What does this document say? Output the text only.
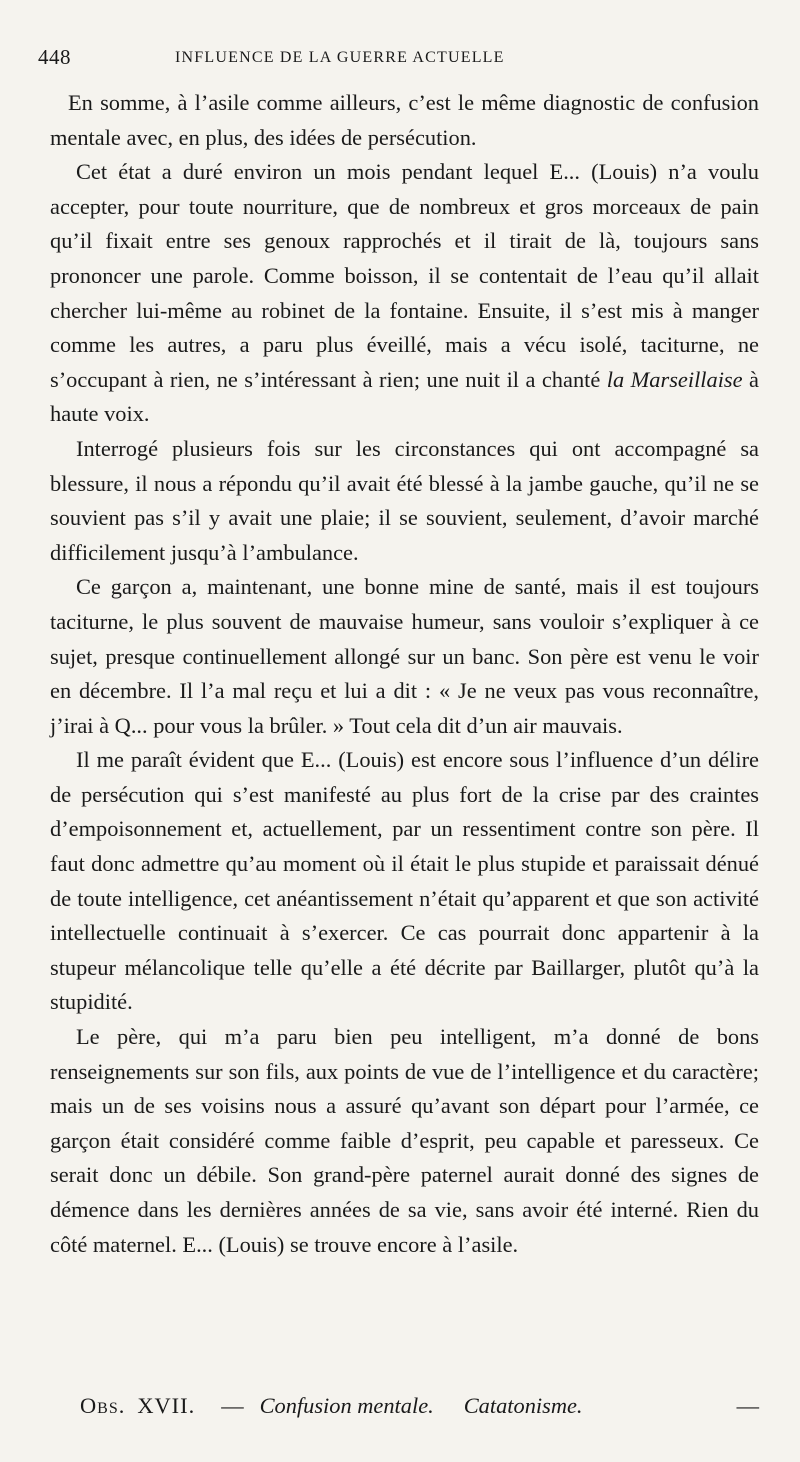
448	INFLUENCE DE LA GUERRE ACTUELLE

En somme, à l’asile comme ailleurs, c’est le même diagnostic de confusion mentale avec, en plus, des idées de persécution.

Cet état a duré environ un mois pendant lequel E... (Louis) n’a voulu accepter, pour toute nourriture, que de nombreux et gros morceaux de pain qu’il fixait entre ses genoux rapprochés et il tirait de là, toujours sans prononcer une parole. Comme boisson, il se contentait de l’eau qu’il allait chercher lui-même au robinet de la fontaine. Ensuite, il s’est mis à manger comme les autres, a paru plus éveillé, mais a vécu isolé, taciturne, ne s’occupant à rien, ne s’intéressant à rien; une nuit il a chanté la Marseillaise à haute voix.

Interrogé plusieurs fois sur les circonstances qui ont accompagné sa blessure, il nous a répondu qu’il avait été blessé à la jambe gauche, qu’il ne se souvient pas s’il y avait une plaie; il se souvient, seulement, d’avoir marché difficilement jusqu’à l’ambulance.

Ce garçon a, maintenant, une bonne mine de santé, mais il est toujours taciturne, le plus souvent de mauvaise humeur, sans vouloir s’expliquer à ce sujet, presque continuellement allongé sur un banc. Son père est venu le voir en décembre. Il l’a mal reçu et lui a dit : « Je ne veux pas vous reconnaître, j’irai à Q... pour vous la brûler. » Tout cela dit d’un air mauvais.

Il me paraît évident que E... (Louis) est encore sous l’influence d’un délire de persécution qui s’est manifesté au plus fort de la crise par des craintes d’empoisonnement et, actuellement, par un ressentiment contre son père. Il faut donc admettre qu’au moment où il était le plus stupide et paraissait dénué de toute intelligence, cet anéantissement n’était qu’apparent et que son activité intellectuelle continuait à s’exercer. Ce cas pourrait donc appartenir à la stupeur mélancolique telle qu’elle a été décrite par Baillarger, plutôt qu’à la stupidité.

Le père, qui m’a paru bien peu intelligent, m’a donné de bons renseignements sur son fils, aux points de vue de l’intelligence et du caractère; mais un de ses voisins nous a assuré qu’avant son départ pour l’armée, ce garçon était considéré comme faible d’esprit, peu capable et paresseux. Ce serait donc un débile. Son grand-père paternel aurait donné des signes de démence dans les dernières années de sa vie, sans avoir été interné. Rien du côté maternel. E... (Louis) se trouve encore à l’asile.

Obs. XVII. — Confusion mentale. Catatonisme.	—
